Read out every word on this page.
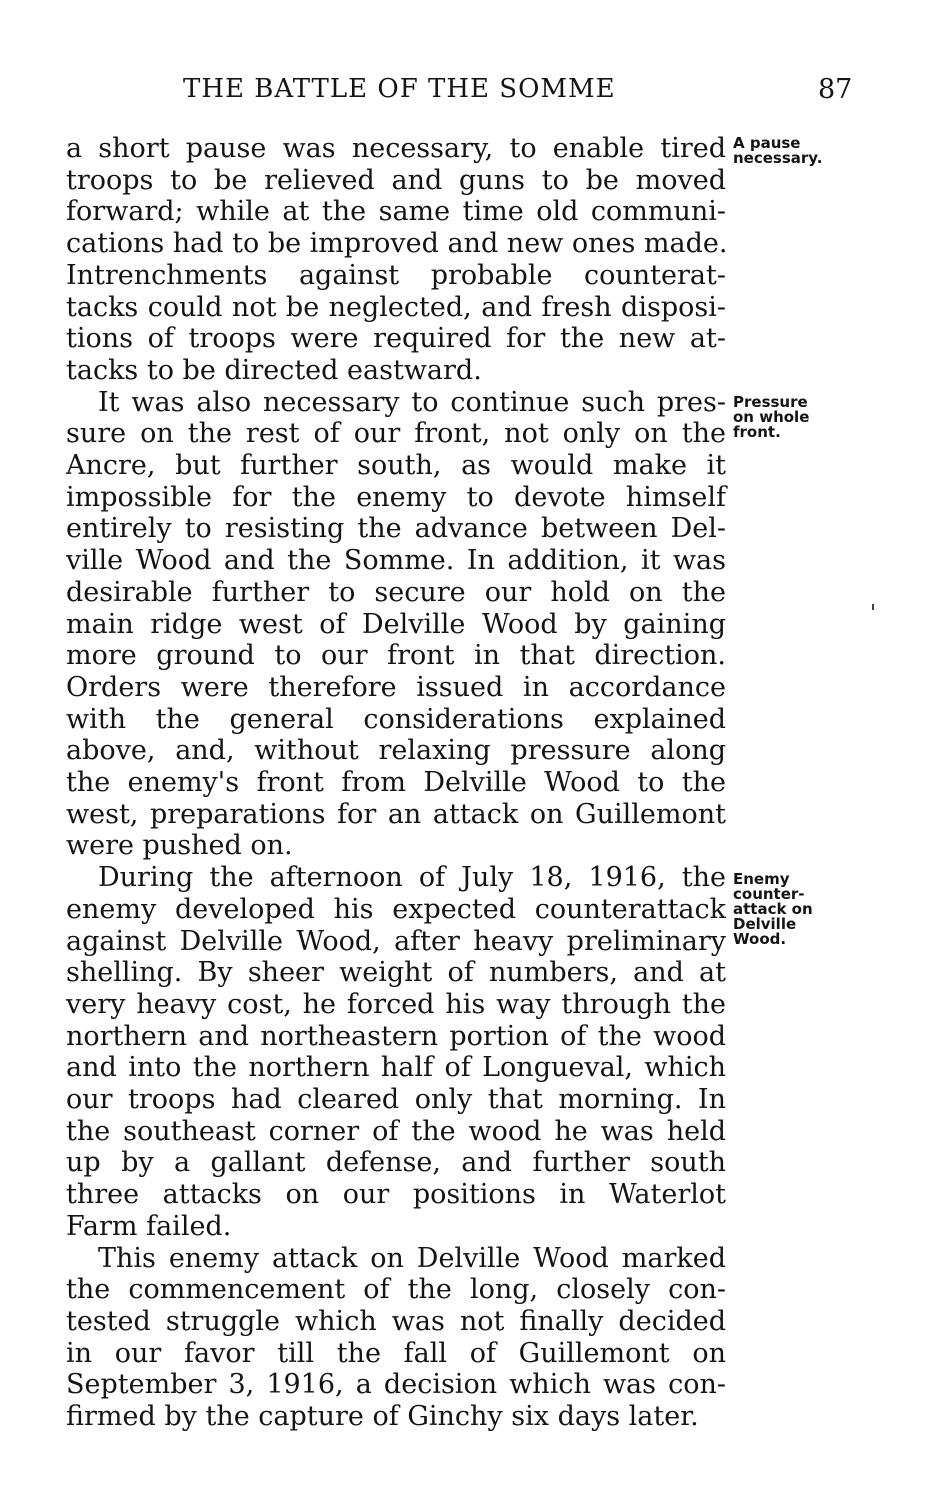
THE BATTLE OF THE SOMME	87
a short pause was necessary, to enable tired
troops to be relieved and guns to be moved
forward; while at the same time old communi-
cations had to be improved and new ones made.
Intrenchments against probable counterat-
tacks could not be neglected, and fresh disposi-
tions of troops were required for the new at-
tacks to be directed eastward.
It was also necessary to continue such pres-
sure on the rest of our front, not only on the
Ancre, but further south, as would make it
impossible for the enemy to devote himself
entirely to resisting the advance between Del-
ville Wood and the Somme. In addition, it was
desirable further to secure our hold on the
main ridge west of Delville Wood by gaining
more ground to our front in that direction.
Orders were therefore issued in accordance
with the general considerations explained
above, and, without relaxing pressure along
the enemy's front from Delville Wood to the
west, preparations for an attack on Guillemont
were pushed on.
During the afternoon of July 18, 1916, the
enemy developed his expected counterattack
against Delville Wood, after heavy preliminary
shelling. By sheer weight of numbers, and at
very heavy cost, he forced his way through the
northern and northeastern portion of the wood
and into the northern half of Longueval, which
our troops had cleared only that morning. In
the southeast corner of the wood he was held
up by a gallant defense, and further south
three attacks on our positions in Waterlot
Farm failed.
This enemy attack on Delville Wood marked
the commencement of the long, closely con-
tested struggle which was not finally decided
in our favor till the fall of Guillemont on
September 3, 1916, a decision which was con-
firmed by the capture of Ginchy six days later.
A pause
necessary.
Pressure
on whole
front.
Enemy
counter-
attack on
Delville
Wood.
